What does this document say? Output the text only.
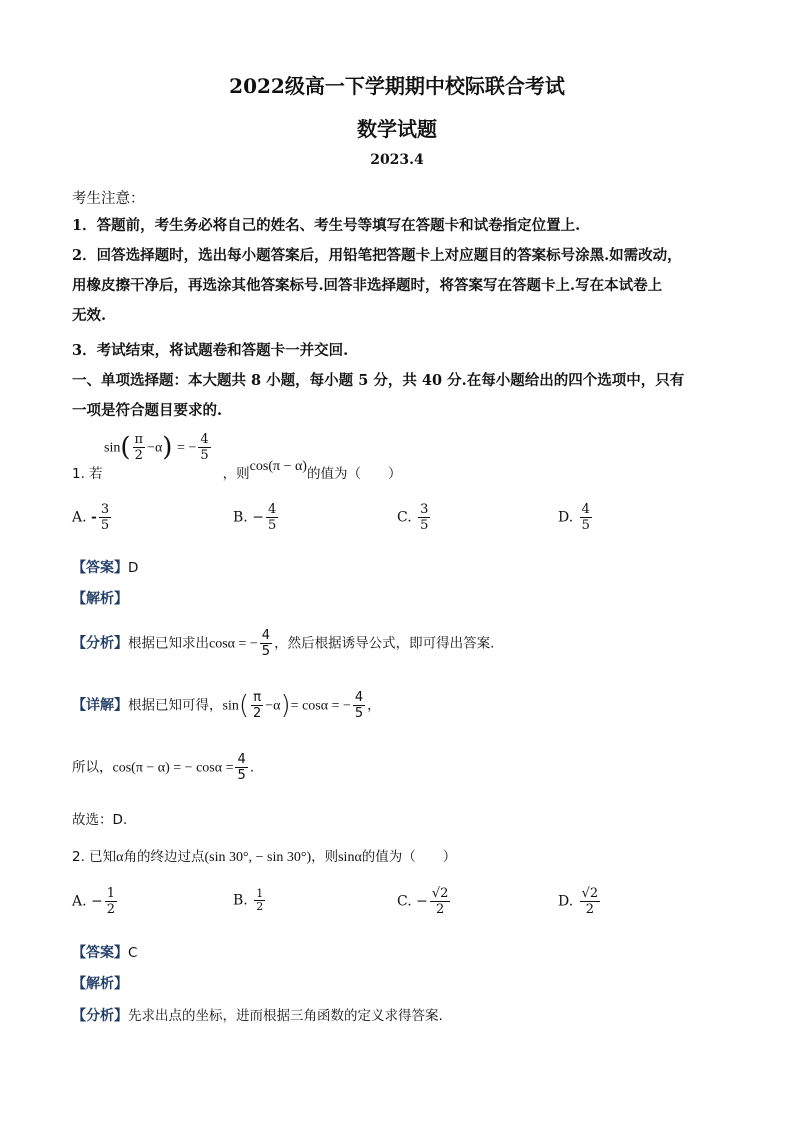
2022级高一下学期期中校际联合考试
数学试题
2023.4
考生注意：
1．答题前，考生务必将自己的姓名、考生号等填写在答题卡和试卷指定位置上.
2．回答选择题时，选出每小题答案后，用铅笔把答题卡上对应题目的答案标号涂黑.如需改动，
用橡皮擦干净后，再选涂其他答案标号.回答非选择题时，将答案写在答题卡上.写在本试卷上
无效.
3．考试结束，将试题卷和答题卡一并交回.
一、单项选择题：本大题共 8 小题，每小题 5 分，共 40 分.在每小题给出的四个选项中，只有
一项是符合题目要求的.
$\sin( \frac{\pi}{2} -\alpha)$ = − $\frac{4}{5}$
1. 若	，则cos(π − α)的值为（　　）
A. - $\frac{3}{5}$	B. − $\frac{4}{5}$	C. $\frac{3}{5}$	D. $\frac{4}{5}$
【答案】D
【解析】
【分析】根据已知求出cosα = − $\frac{4}{5}$ ，然后根据诱导公式，即可得出答案.
【详解】根据已知可得，$\sin( \frac{\pi}{2} -\alpha)= \cos\alpha$ = − $\frac{4}{5}$ ，
所以，cos(π − α) = − $\cos\alpha = \frac{4}{5}$ .
故选：D.
2. 已知α角的终边过点(sin 30°, − sin 30°)，则sinα的值为（　　）
A. − $\frac{1}{2}$	B. $\frac{1}{2}$	C. − $\frac{√2}{2}$	D. $\frac{√2}{2}$
【答案】C
【解析】
【分析】先求出点的坐标，进而根据三角函数的定义求得答案.
